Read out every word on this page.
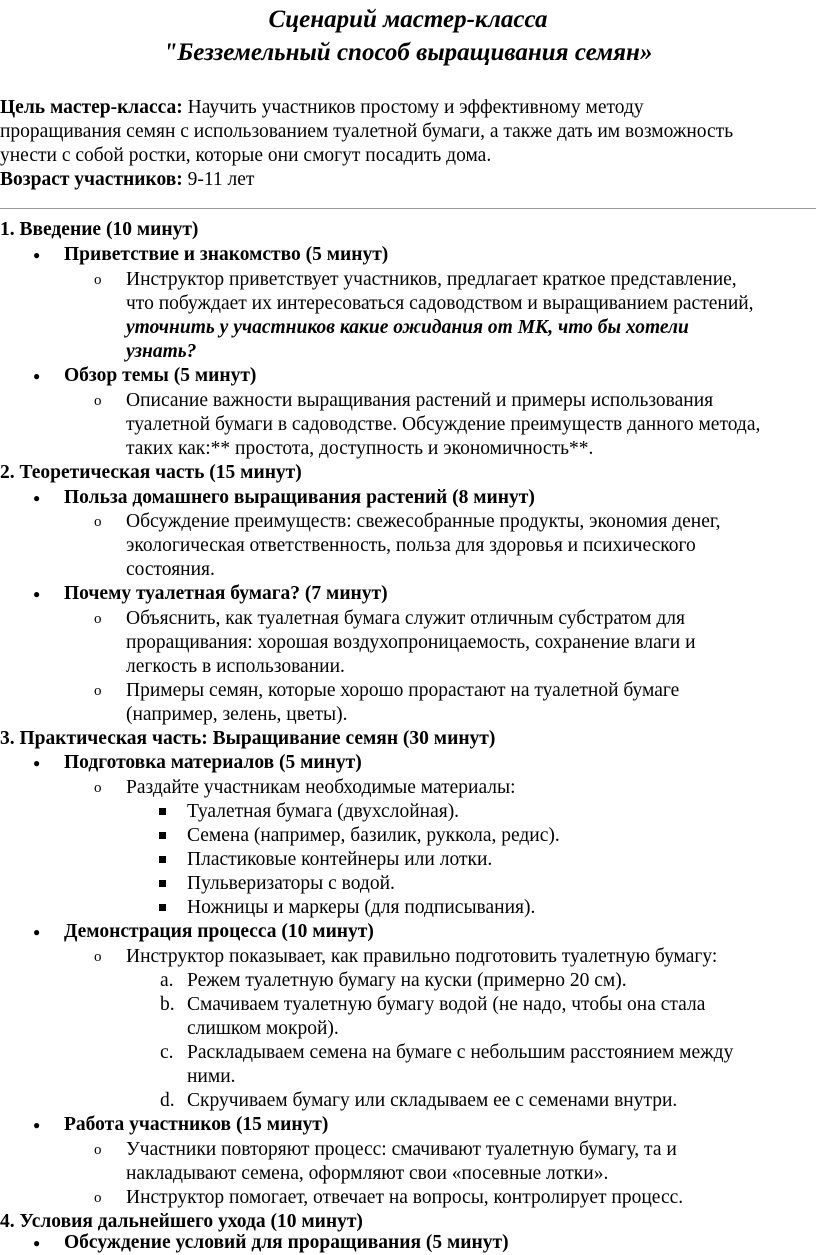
Сценарий мастер-класса
"Безземельный способ выращивания семян»
Цель мастер-класса: Научить участников простому и эффективному методу
проращивания семян с использованием туалетной бумаги, а также дать им возможность
унести с собой ростки, которые они смогут посадить дома.
Возраст участников: 9-11 лет
1. Введение (10 минут)
● Приветствие и знакомство (5 минут)
o Инструктор приветствует участников, предлагает краткое представление,
что побуждает их интересоваться садоводством и выращиванием растений,
уточнить у участников какие ожидания от МК, что бы хотели
узнать?
● Обзор темы (5 минут)
o Описание важности выращивания растений и примеры использования
туалетной бумаги в садоводстве. Обсуждение преимуществ данного метода,
таких как:** простота, доступность и экономичность**.
2. Теоретическая часть (15 минут)
● Польза домашнего выращивания растений (8 минут)
o Обсуждение преимуществ: свежесобранные продукты, экономия денег,
экологическая ответственность, польза для здоровья и психического
состояния.
● Почему туалетная бумага? (7 минут)
o Объяснить, как туалетная бумага служит отличным субстратом для
проращивания: хорошая воздухопроницаемость, сохранение влаги и
легкость в использовании.
o Примеры семян, которые хорошо прорастают на туалетной бумаге
(например, зелень, цветы).
3. Практическая часть: Выращивание семян (30 минут)
● Подготовка материалов (5 минут)
o Раздайте участникам необходимые материалы:
Туалетная бумага (двухслойная).
Семена (например, базилик, руккола, редис).
Пластиковые контейнеры или лотки.
Пульверизаторы с водой.
Ножницы и маркеры (для подписывания).
● Демонстрация процесса (10 минут)
o Инструктор показывает, как правильно подготовить туалетную бумагу:
a. Режем туалетную бумагу на куски (примерно 20 см).
b. Смачиваем туалетную бумагу водой (не надо, чтобы она стала
слишком мокрой).
c. Раскладываем семена на бумаге с небольшим расстоянием между
ними.
d. Скручиваем бумагу или складываем ее с семенами внутри.
● Работа участников (15 минут)
o Участники повторяют процесс: смачивают туалетную бумагу, та и
накладывают семена, оформляют свои «посевные лотки».
o Инструктор помогает, отвечает на вопросы, контролирует процесс.
4. Условия дальнейшего ухода (10 минут)
● Обсуждение условий для проращивания (5 минут)
